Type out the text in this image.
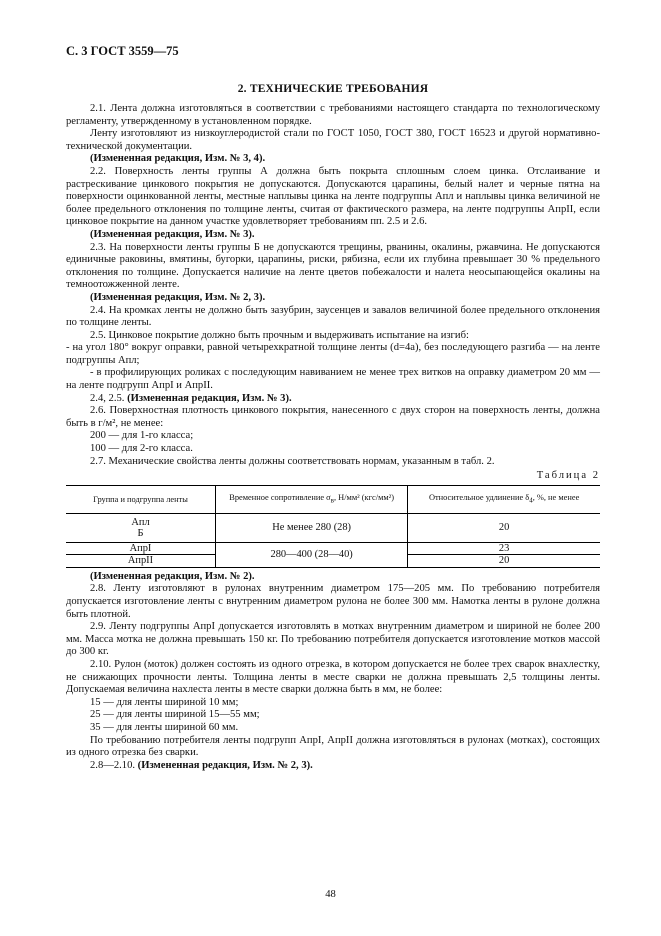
С. 3 ГОСТ 3559—75
2. ТЕХНИЧЕСКИЕ ТРЕБОВАНИЯ

2.1. Лента должна изготовляться в соответствии с требованиями настоящего стандарта по технологическому регламенту, утвержденному в установленном порядке.

Ленту изготовляют из низкоуглеродистой стали по ГОСТ 1050, ГОСТ 380, ГОСТ 16523 и другой нормативно-технической документации.

(Измененная редакция, Изм. № 3, 4).

2.2. Поверхность ленты группы А должна быть покрыта сплошным слоем цинка. Отслаивание и растрескивание цинкового покрытия не допускаются. Допускаются царапины, белый налет и черные пятна на поверхности оцинкованной ленты, местные наплывы цинка на ленте подгруппы Апл и наплывы цинка величиной не более предельного отклонения по толщине ленты, считая от фактического размера, на ленте подгруппы АпрII, если цинковое покрытие на данном участке удовлетворяет требованиям пп. 2.5 и 2.6.

(Измененная редакция, Изм. № 3).

2.3. На поверхности ленты группы Б не допускаются трещины, рванины, окалины, ржавчина. Не допускаются единичные раковины, вмятины, бугорки, царапины, риски, рябизна, если их глубина превышает 30 % предельного отклонения по толщине. Допускается наличие на ленте цветов побежалости и налета неосыпающейся окалины на темноотожженной ленте.

(Измененная редакция, Изм. № 2, 3).

2.4. На кромках ленты не должно быть зазубрин, заусенцев и завалов величиной более предельного отклонения по толщине ленты.

2.5. Цинковое покрытие должно быть прочным и выдерживать испытание на изгиб:

- на угол 180° вокруг оправки, равной четырехкратной толщине ленты (d=4a), без последующего разгиба — на ленте подгруппы Апл;

- в профилирующих роликах с последующим навиванием не менее трех витков на оправку диаметром 20 мм — на ленте подгрупп АпрI и АпрII.

2.4, 2.5. (Измененная редакция, Изм. № 3).

2.6. Поверхностная плотность цинкового покрытия, нанесенного с двух сторон на поверхность ленты, должна быть в г/м², не менее:

200 — для 1-го класса;

100 — для 2-го класса.

2.7. Механические свойства ленты должны соответствовать нормам, указанным в табл. 2.

Таблица 2
Группа и подгруппа ленты	Временное сопротивление $\sigma_в$, Н/мм² (кгс/мм²)	Относительное удлинение $\delta_4$, %, не менее

Апл
Б	Не менее 280 (28)	20
АпрI	280—400 (28—40)	23
АпрII		20

(Измененная редакция, Изм. № 2).

2.8. Ленту изготовляют в рулонах внутренним диаметром 175—205 мм. По требованию потребителя допускается изготовление ленты с внутренним диаметром рулона не более 300 мм. Намотка ленты в рулоне должна быть плотной.

2.9. Ленту подгруппы АпрI допускается изготовлять в мотках внутренним диаметром и шириной не более 200 мм. Масса мотка не должна превышать 150 кг. По требованию потребителя допускается изготовление мотков массой до 300 кг.

2.10. Рулон (моток) должен состоять из одного отрезка, в котором допускается не более трех сварок внахлестку, не снижающих прочности ленты. Толщина ленты в месте сварки не должна превышать 2,5 толщины ленты. Допускаемая величина нахлеста ленты в месте сварки должна быть в мм, не более:

15 — для ленты шириной 10 мм;

25 — для ленты шириной 15—55 мм;

35 — для ленты шириной 60 мм.

По требованию потребителя ленты подгрупп АпрI, АпрII должна изготовляться в рулонах (мотках), состоящих из одного отрезка без сварки.

2.8—2.10. (Измененная редакция, Изм. № 2, 3).

48
